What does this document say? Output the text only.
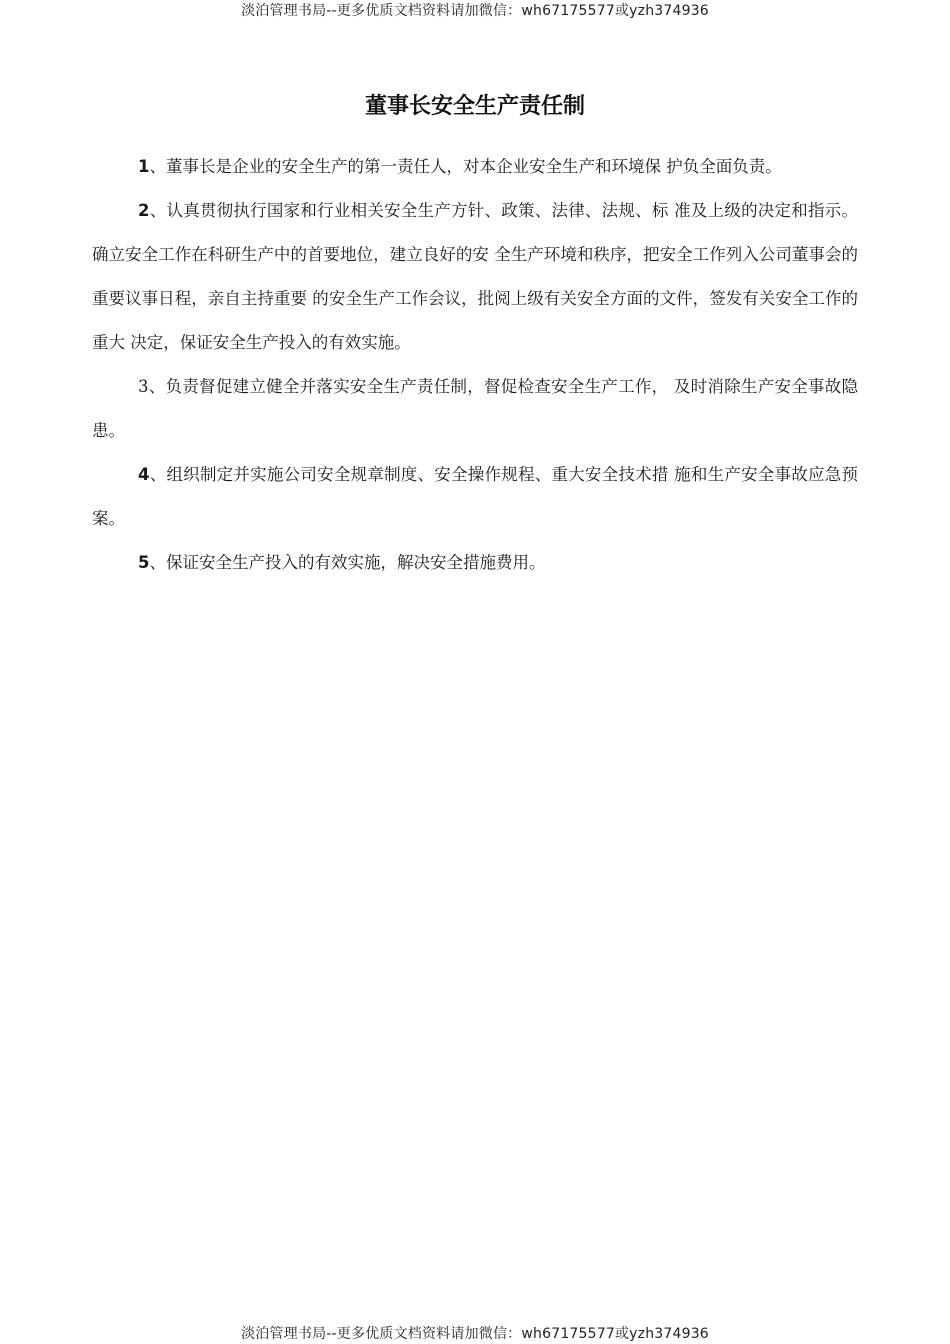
淡泊管理书局--更多优质文档资料请加微信：wh67175577或yzh374936
董事长安全生产责任制

1、董事长是企业的安全生产的第一责任人，对本企业安全生产和环境保 护负全面负责。

2、认真贯彻执行国家和行业相关安全生产方针、政策、法律、法规、标 准及上级的决定和指示。确立安全工作在科研生产中的首要地位，建立良好的安 全生产环境和秩序，把安全工作列入公司董事会的重要议事日程，亲自主持重要 的安全生产工作会议，批阅上级有关安全方面的文件，签发有关安全工作的重大 决定，保证安全生产投入的有效实施。

3、负责督促建立健全并落实安全生产责任制，督促检查安全生产工作， 及时消除生产安全事故隐患。

4、组织制定并实施公司安全规章制度、安全操作规程、重大安全技术措 施和生产安全事故应急预案。

5、保证安全生产投入的有效实施，解决安全措施费用。

淡泊管理书局--更多优质文档资料请加微信：wh67175577或yzh374936
